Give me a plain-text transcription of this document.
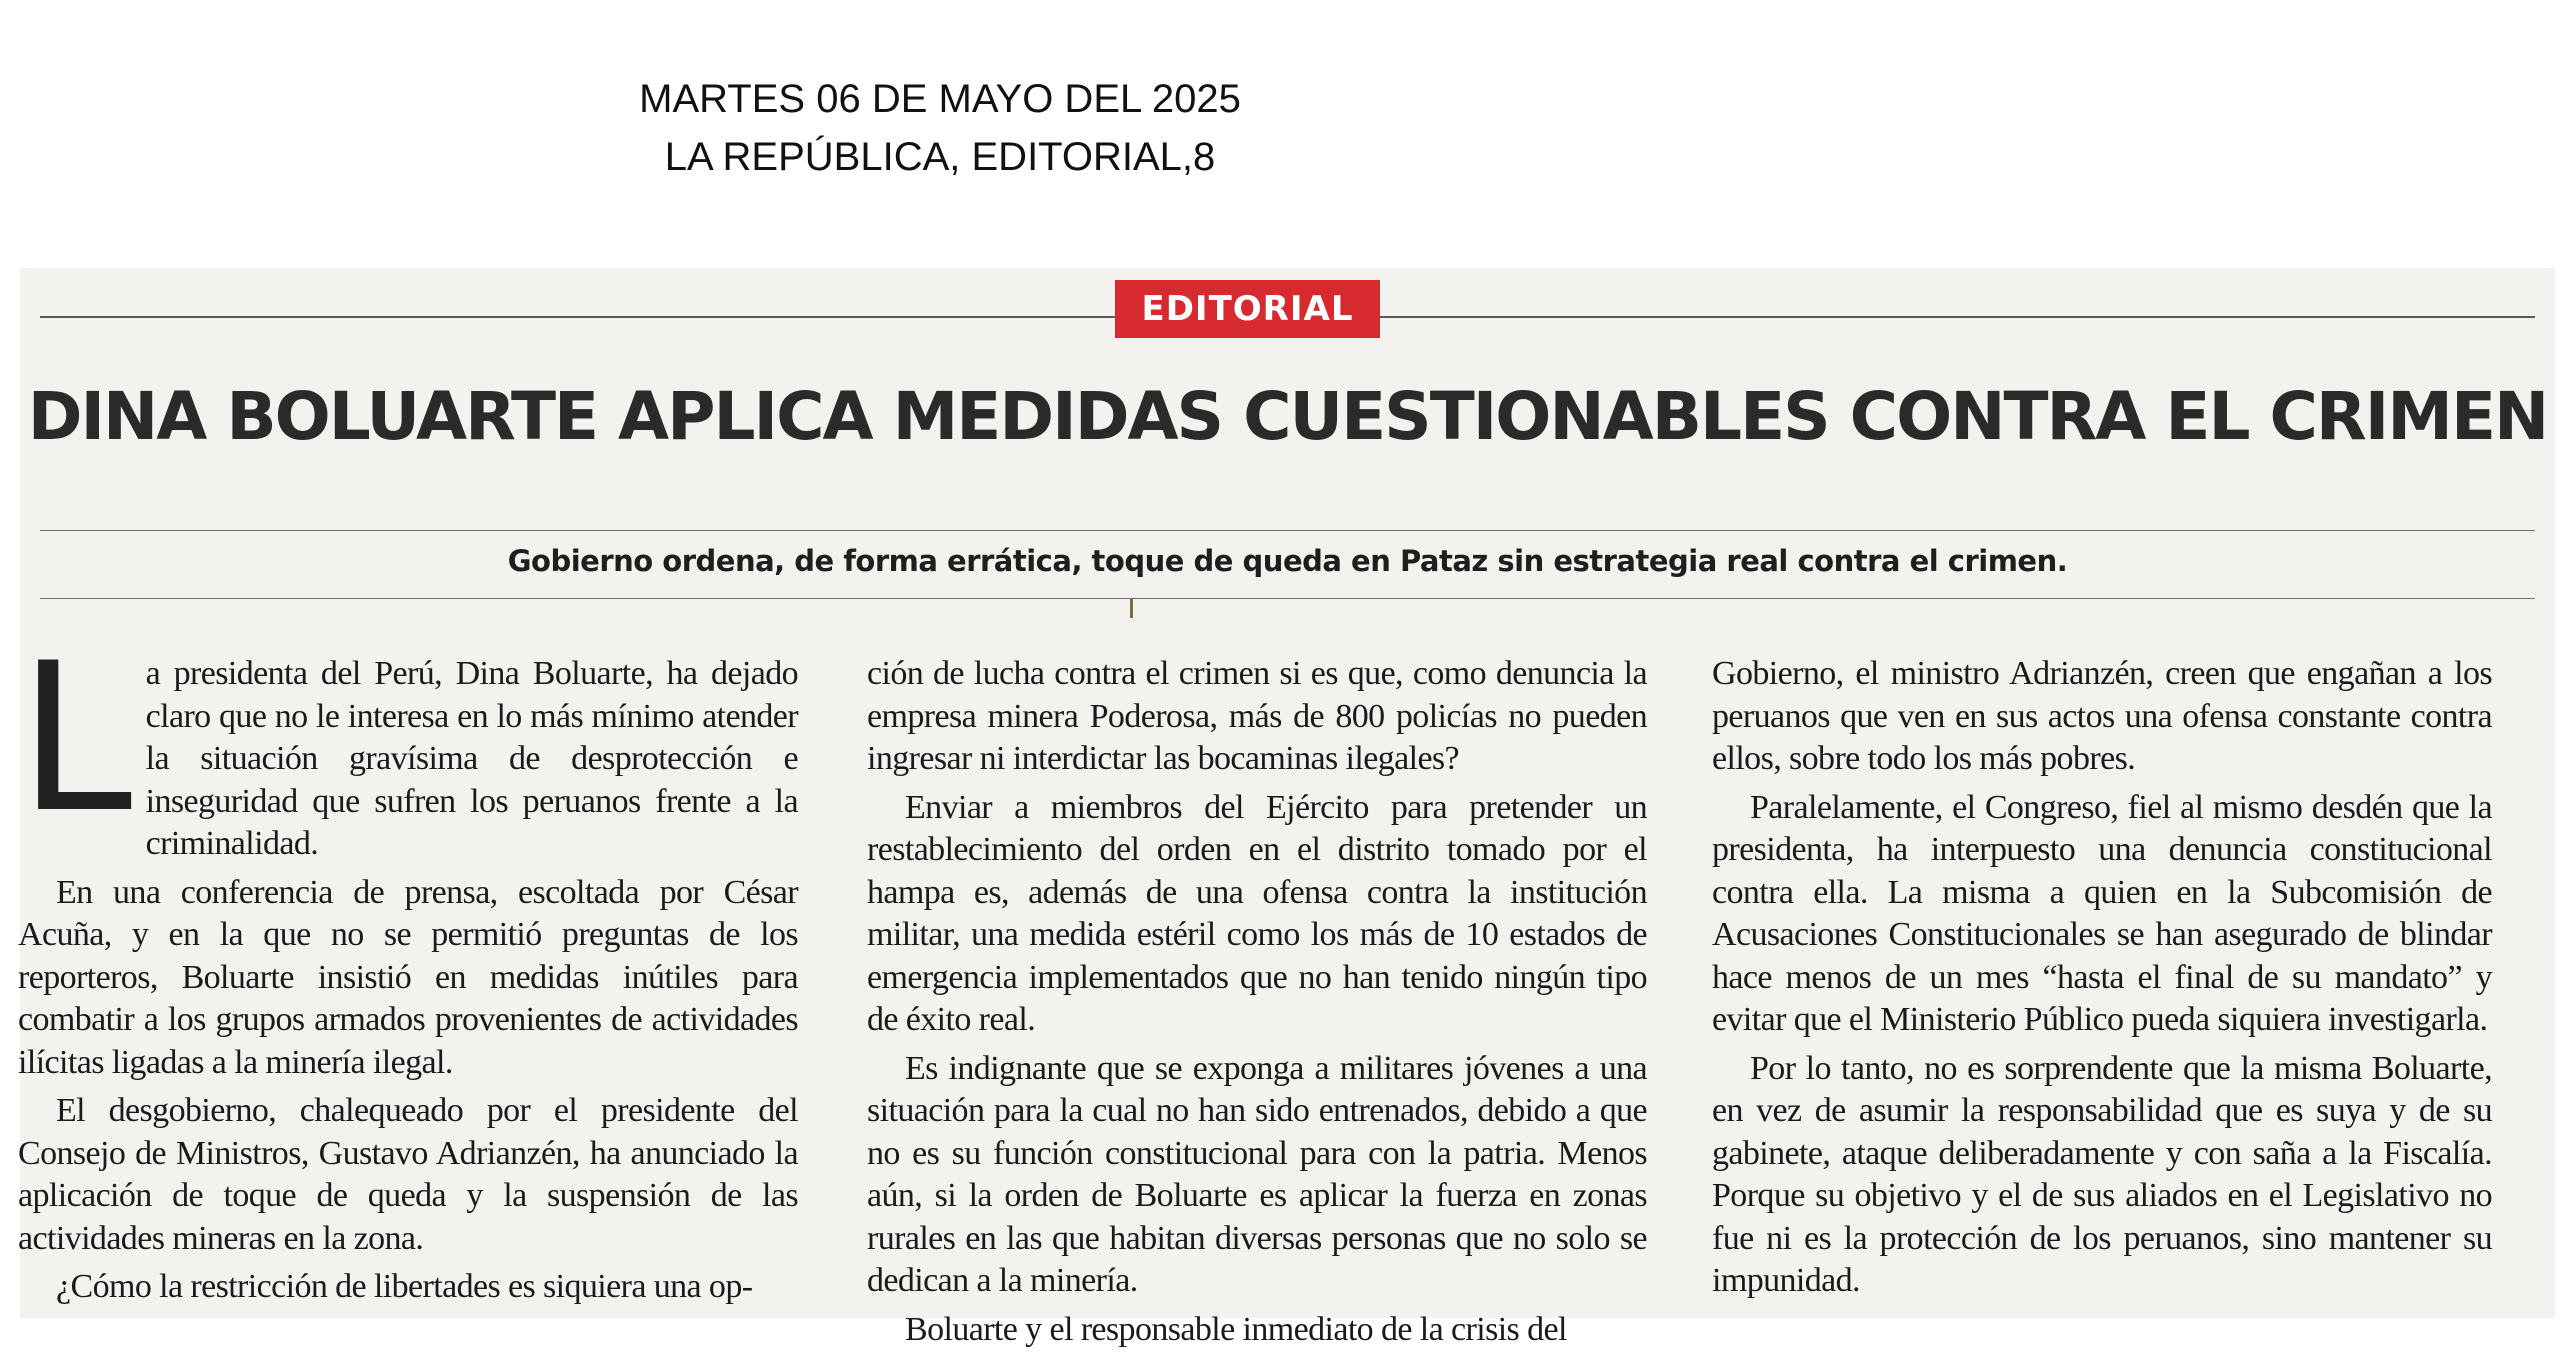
MARTES 06 DE MAYO DEL 2025
LA REPÚBLICA, EDITORIAL,8
EDITORIAL
DINA BOLUARTE APLICA MEDIDAS CUESTIONABLES CONTRA EL CRIMEN
Gobierno ordena, de forma errática, toque de queda en Pataz sin estrategia real contra el crimen.

La presidenta del Perú, Dina Boluarte, ha dejado claro que no le interesa en lo más mínimo atender la situación gravísima de desprotección e inseguridad que sufren los peruanos frente a la criminalidad.

En una conferencia de prensa, escoltada por César Acuña, y en la que no se permitió preguntas de los reporteros, Boluarte insistió en medidas inútiles para combatir a los grupos armados provenientes de actividades ilícitas ligadas a la minería ilegal.

El desgobierno, chalequeado por el presidente del Consejo de Ministros, Gustavo Adrianzén, ha anunciado la aplicación de toque de queda y la suspensión de las actividades mineras en la zona.

¿Cómo la restricción de libertades es siquiera una op-

ción de lucha contra el crimen si es que, como denuncia la empresa minera Poderosa, más de 800 policías no pueden ingresar ni interdictar las bocaminas ilegales?

Enviar a miembros del Ejército para pretender un restablecimiento del orden en el distrito tomado por el hampa es, además de una ofensa contra la institución militar, una medida estéril como los más de 10 estados de emergencia implementados que no han tenido ningún tipo de éxito real.

Es indignante que se exponga a militares jóvenes a una situación para la cual no han sido entrenados, debido a que no es su función constitucional para con la patria. Menos aún, si la orden de Boluarte es aplicar la fuerza en zonas rurales en las que habitan diversas personas que no solo se dedican a la minería.

Boluarte y el responsable inmediato de la crisis del

Gobierno, el ministro Adrianzén, creen que engañan a los peruanos que ven en sus actos una ofensa constante contra ellos, sobre todo los más pobres.

Paralelamente, el Congreso, fiel al mismo desdén que la presidenta, ha interpuesto una denuncia constitucional contra ella. La misma a quien en la Subcomisión de Acusaciones Constitucionales se han asegurado de blindar hace menos de un mes “hasta el final de su mandato” y evitar que el Ministerio Público pueda siquiera investigarla.

Por lo tanto, no es sorprendente que la misma Boluarte, en vez de asumir la responsabilidad que es suya y de su gabinete, ataque deliberadamente y con saña a la Fiscalía. Porque su objetivo y el de sus aliados en el Legislativo no fue ni es la protección de los peruanos, sino mantener su impunidad.
